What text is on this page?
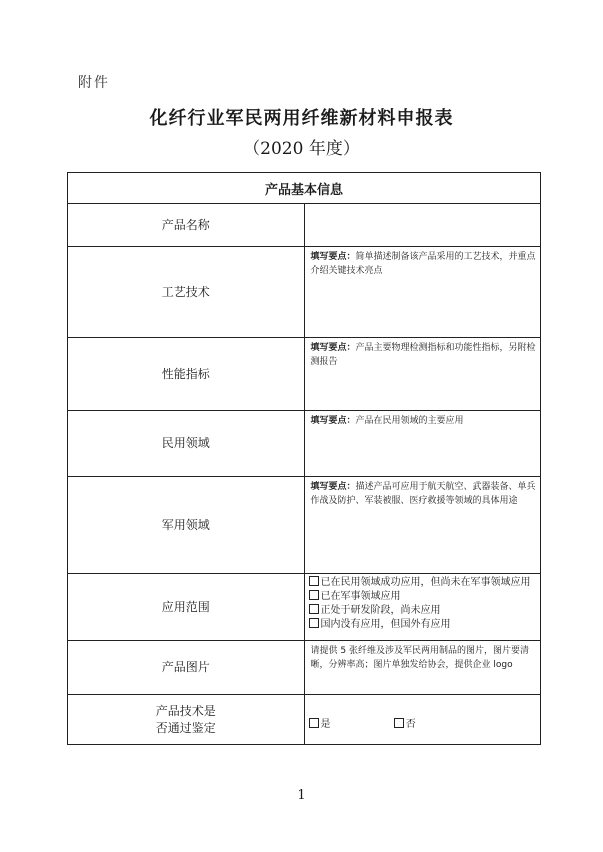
附件
化纤行业军民两用纤维新材料申报表
（2020 年度）
产品基本信息	
产品名称	
工艺技术	填写要点：简单描述制备该产品采用的工艺技术，并重点介绍关键技术亮点

性能指标	填写要点：产品主要物理检测指标和功能性指标，另附检测报告

民用领域	填写要点：产品在民用领域的主要应用

军用领域	填写要点：描述产品可应用于航天航空、武器装备、单兵作战及防护、军装被服、医疗救援等领域的具体用途

应用范围	已在民用领域成功应用，但尚未在军事领域应用
已在军事领域应用
正处于研发阶段，尚未应用
国内没有应用，但国外有应用

产品图片	请提供 5 张纤维及涉及军民两用制品的图片，图片要清晰，分辨率高；图片单独发给协会，提供企业 logo

产品技术是
否通过鉴定	是 否
1
